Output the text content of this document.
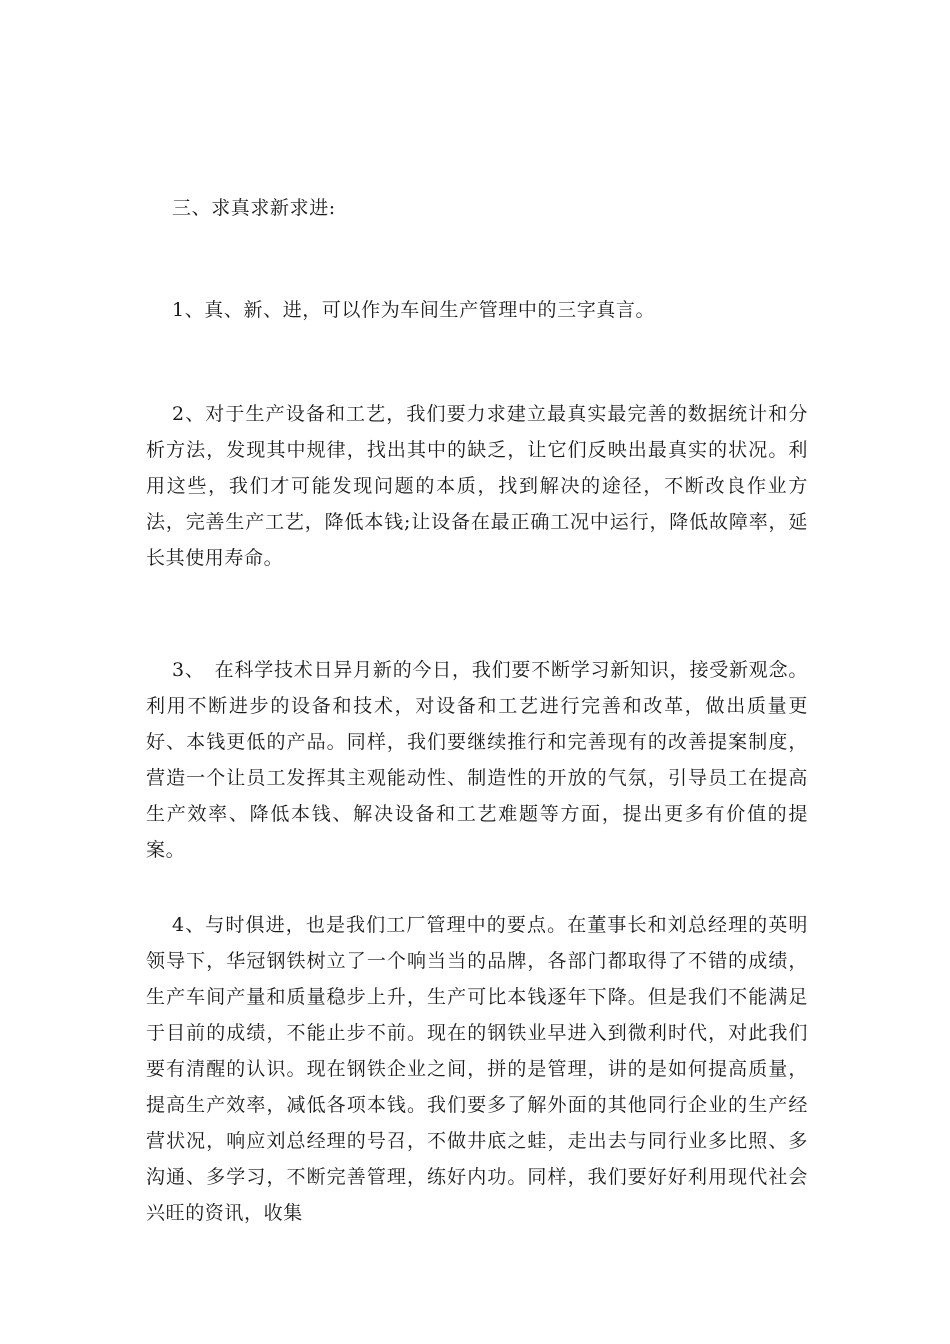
三、求真求新求进:

1、真、新、进，可以作为车间生产管理中的三字真言。

2、对于生产设备和工艺，我们要力求建立最真实最完善的数据统计和分析方法，发现其中规律，找出其中的缺乏，让它们反映出最真实的状况。利用这些，我们才可能发现问题的本质，找到解决的途径，不断改良作业方法，完善生产工艺，降低本钱;让设备在最正确工况中运行，降低故障率，延长其使用寿命。

3、 在科学技术日异月新的今日，我们要不断学习新知识，接受新观念。利用不断进步的设备和技术，对设备和工艺进行完善和改革，做出质量更好、本钱更低的产品。同样，我们要继续推行和完善现有的改善提案制度，营造一个让员工发挥其主观能动性、制造性的开放的气氛，引导员工在提高生产效率、降低本钱、解决设备和工艺难题等方面，提出更多有价值的提案。

4、与时俱进，也是我们工厂管理中的要点。在董事长和刘总经理的英明领导下，华冠钢铁树立了一个响当当的品牌，各部门都取得了不错的成绩，生产车间产量和质量稳步上升，生产可比本钱逐年下降。但是我们不能满足于目前的成绩，不能止步不前。现在的钢铁业早进入到微利时代，对此我们要有清醒的认识。现在钢铁企业之间，拼的是管理，讲的是如何提高质量，提高生产效率，减低各项本钱。我们要多了解外面的其他同行企业的生产经营状况，响应刘总经理的号召，不做井底之蛙，走出去与同行业多比照、多沟通、多学习，不断完善管理，练好内功。同样，我们要好好利用现代社会兴旺的资讯，收集
